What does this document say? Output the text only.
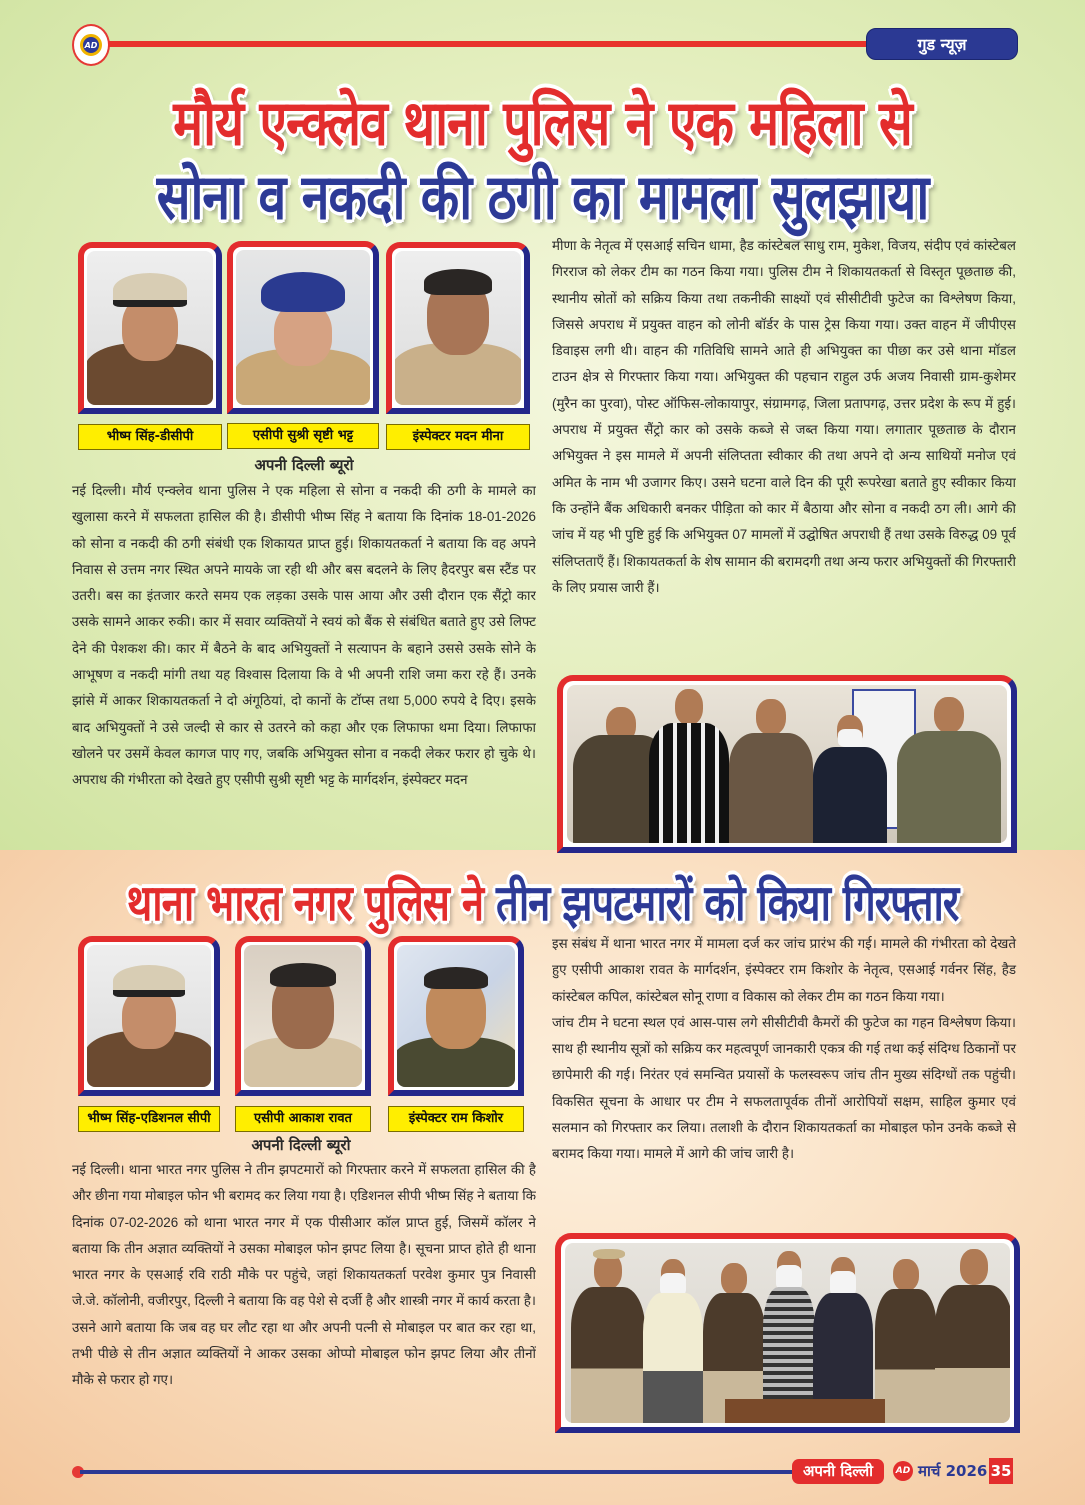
AD	गुड न्यूज़
मौर्य एन्क्लेव थाना पुलिस ने एक महिला से
सोना व नकदी की ठगी का मामला सुलझाया
भीष्म सिंह-डीसीपी	एसीपी सुश्री सृष्टी भट्ट	इंस्पेक्टर मदन मीना
अपनी दिल्ली ब्यूरो
नई दिल्ली। मौर्य एन्क्लेव थाना पुलिस ने एक महिला से सोना व नकदी की ठगी के मामले का खुलासा करने में सफलता हासिल की है। डीसीपी भीष्म सिंह ने बताया कि दिनांक 18-01-2026 को सोना व नकदी की ठगी संबंधी एक शिकायत प्राप्त हुई। शिकायतकर्ता ने बताया कि वह अपने निवास से उत्तम नगर स्थित अपने मायके जा रही थी और बस बदलने के लिए हैदरपुर बस स्टैंड पर उतरी। बस का इंतजार करते समय एक लड़का उसके पास आया और उसी दौरान एक सैंट्रो कार उसके सामने आकर रुकी। कार में सवार व्यक्तियों ने स्वयं को बैंक से संबंधित बताते हुए उसे लिफ्ट देने की पेशकश की। कार में बैठने के बाद अभियुक्तों ने सत्यापन के बहाने उससे उसके सोने के आभूषण व नकदी मांगी तथा यह विश्वास दिलाया कि वे भी अपनी राशि जमा करा रहे हैं। उनके झांसे में आकर शिकायतकर्ता ने दो अंगूठियां, दो कानों के टॉप्स तथा 5,000 रुपये दे दिए। इसके बाद अभियुक्तों ने उसे जल्दी से कार से उतरने को कहा और एक लिफाफा थमा दिया। लिफाफा खोलने पर उसमें केवल कागज पाए गए, जबकि अभियुक्त सोना व नकदी लेकर फरार हो चुके थे। अपराध की गंभीरता को देखते हुए एसीपी सुश्री सृष्टी भट्ट के मार्गदर्शन, इंस्पेक्टर मदन
मीणा के नेतृत्व में एसआई सचिन धामा, हैड कांस्टेबल साधु राम, मुकेश, विजय, संदीप एवं कांस्टेबल गिरराज को लेकर टीम का गठन किया गया। पुलिस टीम ने शिकायतकर्ता से विस्तृत पूछताछ की, स्थानीय स्रोतों को सक्रिय किया तथा तकनीकी साक्ष्यों एवं सीसीटीवी फुटेज का विश्लेषण किया, जिससे अपराध में प्रयुक्त वाहन को लोनी बॉर्डर के पास ट्रेस किया गया। उक्त वाहन में जीपीएस डिवाइस लगी थी। वाहन की गतिविधि सामने आते ही अभियुक्त का पीछा कर उसे थाना मॉडल टाउन क्षेत्र से गिरफ्तार किया गया। अभियुक्त की पहचान राहुल उर्फ अजय निवासी ग्राम-कुशेमर (मुरैन का पुरवा), पोस्ट ऑफिस-लोकायापुर, संग्रामगढ़, जिला प्रतापगढ़, उत्तर प्रदेश के रूप में हुई। अपराध में प्रयुक्त सैंट्रो कार को उसके कब्जे से जब्त किया गया। लगातार पूछताछ के दौरान अभियुक्त ने इस मामले में अपनी संलिप्तता स्वीकार की तथा अपने दो अन्य साथियों मनोज एवं अमित के नाम भी उजागर किए। उसने घटना वाले दिन की पूरी रूपरेखा बताते हुए स्वीकार किया कि उन्होंने बैंक अधिकारी बनकर पीड़िता को कार में बैठाया और सोना व नकदी ठग ली। आगे की जांच में यह भी पुष्टि हुई कि अभियुक्त 07 मामलों में उद्घोषित अपराधी हैं तथा उसके विरुद्ध 09 पूर्व संलिप्तताएँ हैं। शिकायतकर्ता के शेष सामान की बरामदगी तथा अन्य फरार अभियुक्तों की गिरफ्तारी के लिए प्रयास जारी हैं।
थाना भारत नगर पुलिस ने तीन झपटमारों को किया गिरफ्तार
भीष्म सिंह-एडिशनल सीपी	एसीपी आकाश रावत	इंस्पेक्टर राम किशोर
अपनी दिल्ली ब्यूरो
नई दिल्ली। थाना भारत नगर पुलिस ने तीन झपटमारों को गिरफ्तार करने में सफलता हासिल की है और छीना गया मोबाइल फोन भी बरामद कर लिया गया है। एडिशनल सीपी भीष्म सिंह ने बताया कि दिनांक 07-02-2026 को थाना भारत नगर में एक पीसीआर कॉल प्राप्त हुई, जिसमें कॉलर ने बताया कि तीन अज्ञात व्यक्तियों ने उसका मोबाइल फोन झपट लिया है। सूचना प्राप्त होते ही थाना भारत नगर के एसआई रवि राठी मौके पर पहुंचे, जहां शिकायतकर्ता परवेश कुमार पुत्र निवासी जे.जे. कॉलोनी, वजीरपुर, दिल्ली ने बताया कि वह पेशे से दर्जी है और शास्त्री नगर में कार्य करता है। उसने आगे बताया कि जब वह घर लौट रहा था और अपनी पत्नी से मोबाइल पर बात कर रहा था, तभी पीछे से तीन अज्ञात व्यक्तियों ने आकर उसका ओप्पो मोबाइल फोन झपट लिया और तीनों मौके से फरार हो गए।
इस संबंध में थाना भारत नगर में मामला दर्ज कर जांच प्रारंभ की गई। मामले की गंभीरता को देखते हुए एसीपी आकाश रावत के मार्गदर्शन, इंस्पेक्टर राम किशोर के नेतृत्व, एसआई गर्वनर सिंह, हैड कांस्टेबल कपिल, कांस्टेबल सोनू राणा व विकास को लेकर टीम का गठन किया गया।
जांच टीम ने घटना स्थल एवं आस-पास लगे सीसीटीवी कैमरों की फुटेज का गहन विश्लेषण किया। साथ ही स्थानीय सूत्रों को सक्रिय कर महत्वपूर्ण जानकारी एकत्र की गई तथा कई संदिग्ध ठिकानों पर छापेमारी की गई। निरंतर एवं समन्वित प्रयासों के फलस्वरूप जांच तीन मुख्य संदिग्धों तक पहुंची। विकसित सूचना के आधार पर टीम ने सफलतापूर्वक तीनों आरोपियों सक्षम, साहिल कुमार एवं सलमान को गिरफ्तार कर लिया। तलाशी के दौरान शिकायतकर्ता का मोबाइल फोन उनके कब्जे से बरामद किया गया। मामले में आगे की जांच जारी है।
अपनी दिल्ली	AD मार्च 2026 35
